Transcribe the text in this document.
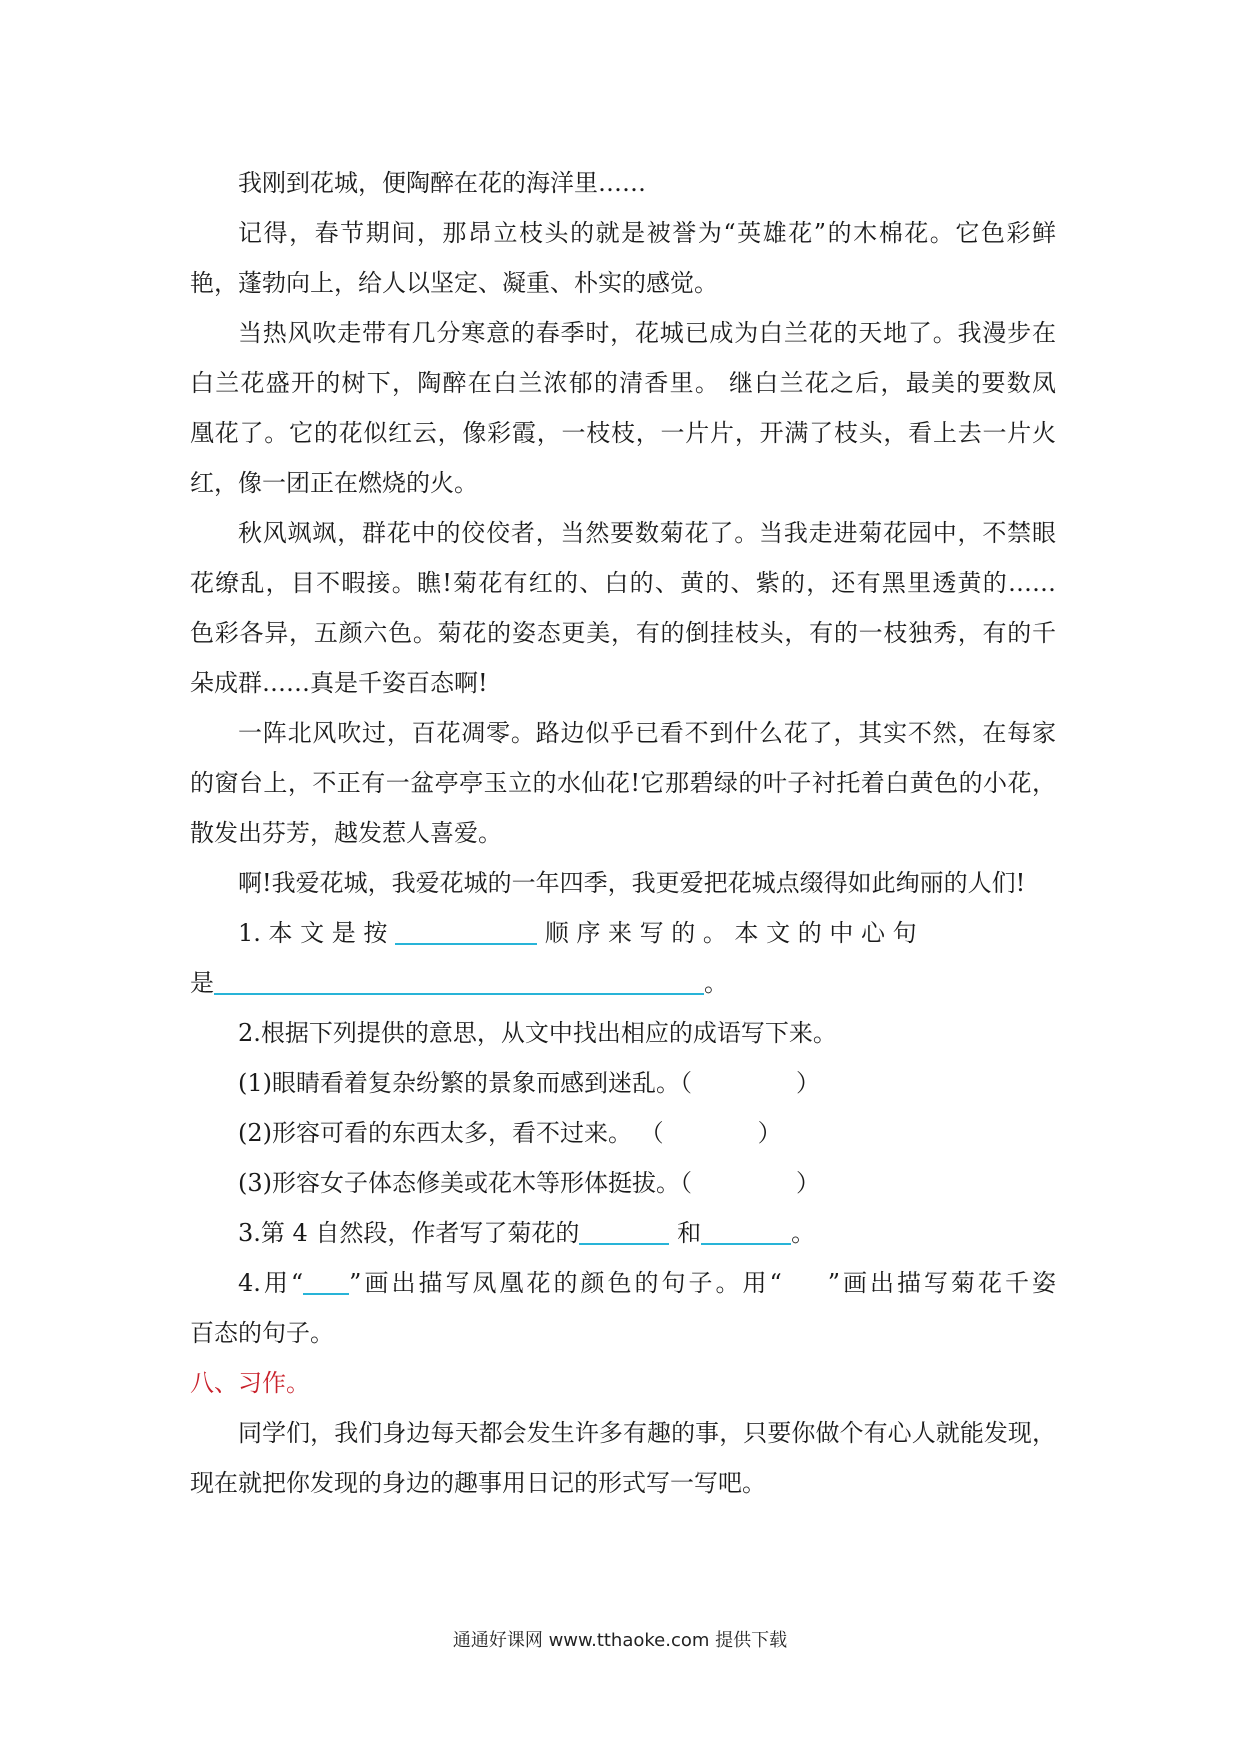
我刚到花城，便陶醉在花的海洋里……
记得，春节期间，那昂立枝头的就是被誉为“英雄花”的木棉花。它色彩鲜
艳，蓬勃向上，给人以坚定、凝重、朴实的感觉。
当热风吹走带有几分寒意的春季时，花城已成为白兰花的天地了。我漫步在
白兰花盛开的树下，陶醉在白兰浓郁的清香里。 继白兰花之后，最美的要数凤
凰花了。它的花似红云，像彩霞，一枝枝，一片片，开满了枝头，看上去一片火
红，像一团正在燃烧的火。
秋风飒飒，群花中的佼佼者，当然要数菊花了。当我走进菊花园中，不禁眼
花缭乱，目不暇接。瞧!菊花有红的、白的、黄的、紫的，还有黑里透黄的……
色彩各异，五颜六色。菊花的姿态更美，有的倒挂枝头，有的一枝独秀，有的千
朵成群……真是千姿百态啊!
一阵北风吹过，百花凋零。路边似乎已看不到什么花了，其实不然，在每家
的窗台上，不正有一盆亭亭玉立的水仙花!它那碧绿的叶子衬托着白黄色的小花，
散发出芬芳，越发惹人喜爱。
啊!我爱花城，我爱花城的一年四季，我更爱把花城点缀得如此绚丽的人们!
1. 本 文 是 按	顺 序 来 写 的 。 本 文 的 中 心 句
是	。
2.根据下列提供的意思，从文中找出相应的成语写下来。
(1)眼睛看着复杂纷繁的景象而感到迷乱。（	）
(2)形容可看的东西太多，看不过来。 （	）
(3)形容女子体态修美或花木等形体挺拔。（	）
3.第 4 自然段，作者写了菊花的	和	。
4.用“ ”画出描写凤凰花的颜色的句子。用“ ”画出描写菊花千姿
百态的句子。
八、习作。
同学们，我们身边每天都会发生许多有趣的事，只要你做个有心人就能发现，
现在就把你发现的身边的趣事用日记的形式写一写吧。
通通好课网 www.tthaoke.com 提供下载
